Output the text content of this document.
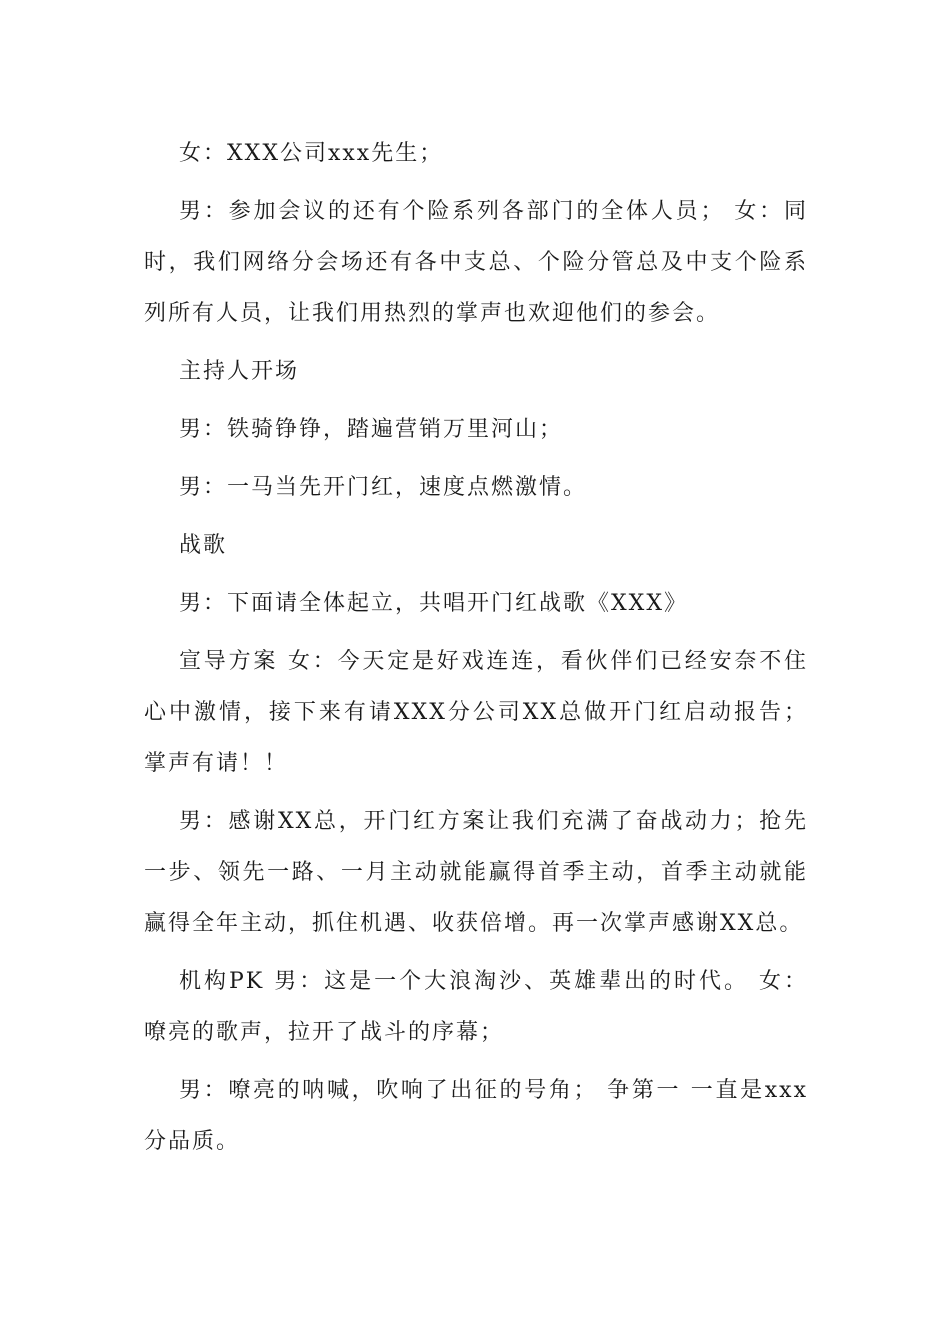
女：XXX公司xxx先生；

男：参加会议的还有个险系列各部门的全体人员； 女：同时，我们网络分会场还有各中支总、个险分管总及中支个险系列所有人员，让我们用热烈的掌声也欢迎他们的参会。

主持人开场

男：铁骑铮铮，踏遍营销万里河山；

男：一马当先开门红，速度点燃激情。

战歌

男：下面请全体起立，共唱开门红战歌《XXX》

宣导方案 女：今天定是好戏连连，看伙伴们已经安奈不住心中激情，接下来有请XXX分公司XX总做开门红启动报告；掌声有请！！

男：感谢XX总，开门红方案让我们充满了奋战动力；抢先一步、领先一路、一月主动就能赢得首季主动，首季主动就能赢得全年主动，抓住机遇、收获倍增。再一次掌声感谢XX总。

机构PK 男：这是一个大浪淘沙、英雄辈出的时代。 女：嘹亮的歌声，拉开了战斗的序幕；

男：嘹亮的呐喊，吹响了出征的号角； 争第一 一直是xxx分品质。
